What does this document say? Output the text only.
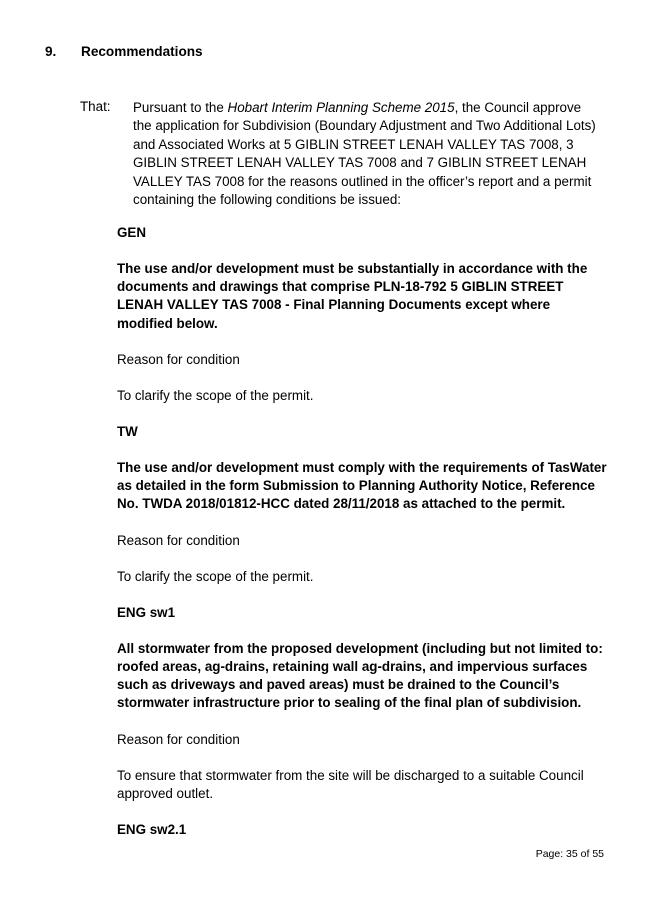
9. Recommendations
That: Pursuant to the Hobart Interim Planning Scheme 2015, the Council approve the application for Subdivision (Boundary Adjustment and Two Additional Lots) and Associated Works at 5 GIBLIN STREET LENAH VALLEY TAS 7008, 3 GIBLIN STREET LENAH VALLEY TAS 7008 and 7 GIBLIN STREET LENAH VALLEY TAS 7008 for the reasons outlined in the officer’s report and a permit containing the following conditions be issued:

GEN

The use and/or development must be substantially in accordance with the documents and drawings that comprise PLN-18-792 5 GIBLIN STREET LENAH VALLEY TAS 7008 - Final Planning Documents except where modified below.

Reason for condition

To clarify the scope of the permit.

TW

The use and/or development must comply with the requirements of TasWater as detailed in the form Submission to Planning Authority Notice, Reference No. TWDA 2018/01812-HCC dated 28/11/2018 as attached to the permit.

Reason for condition

To clarify the scope of the permit.

ENG sw1

All stormwater from the proposed development (including but not limited to: roofed areas, ag-drains, retaining wall ag-drains, and impervious surfaces such as driveways and paved areas) must be drained to the Council’s stormwater infrastructure prior to sealing of the final plan of subdivision.

Reason for condition

To ensure that stormwater from the site will be discharged to a suitable Council approved outlet.

ENG sw2.1

Page: 35 of 55
